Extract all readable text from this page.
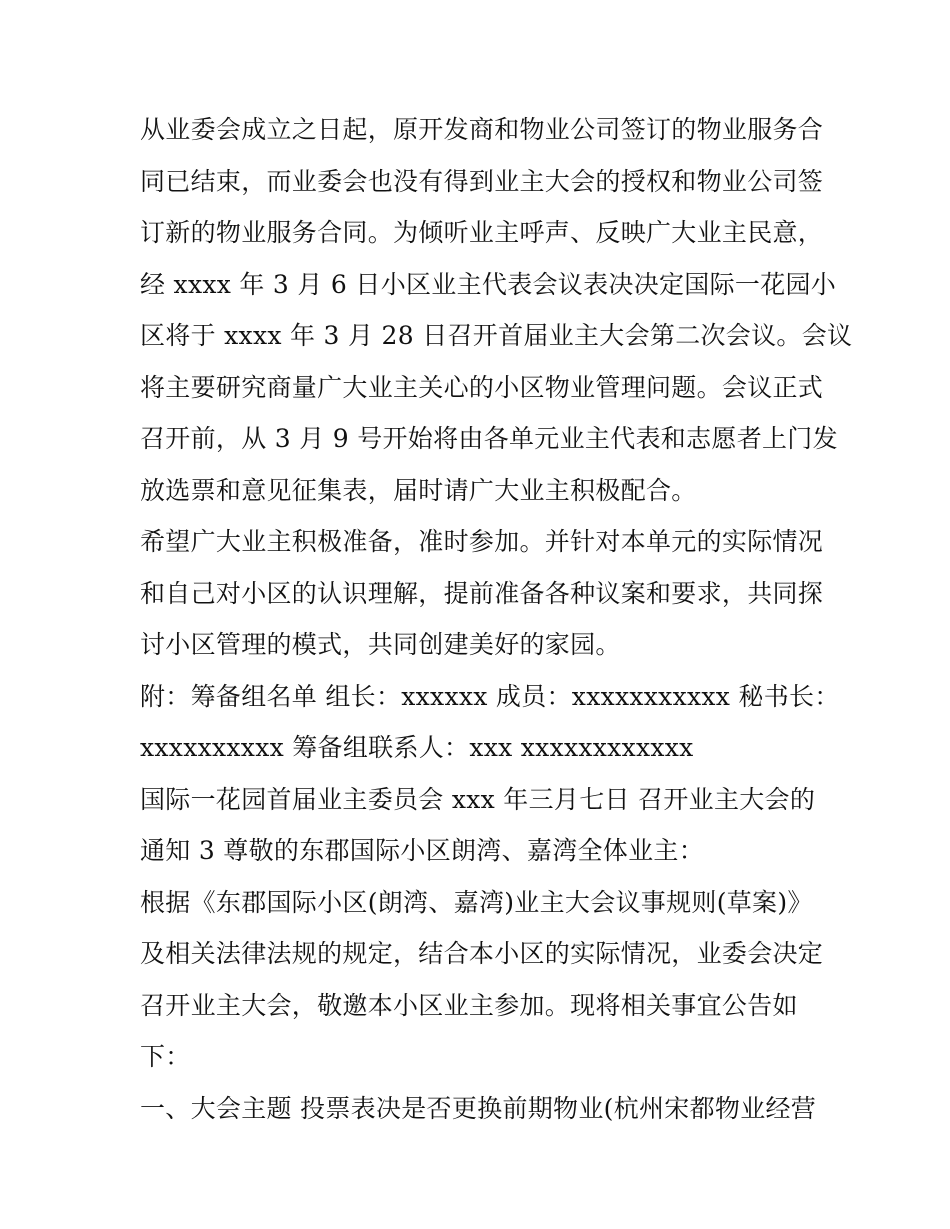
从业委会成立之日起，原开发商和物业公司签订的物业服务合
同已结束，而业委会也没有得到业主大会的授权和物业公司签
订新的物业服务合同。为倾听业主呼声、反映广大业主民意，
经 xxxx 年 3 月 6 日小区业主代表会议表决决定国际一花园小
区将于 xxxx 年 3 月 28 日召开首届业主大会第二次会议。会议
将主要研究商量广大业主关心的小区物业管理问题。会议正式
召开前，从 3 月 9 号开始将由各单元业主代表和志愿者上门发
放选票和意见征集表，届时请广大业主积极配合。
希望广大业主积极准备，准时参加。并针对本单元的实际情况
和自己对小区的认识理解，提前准备各种议案和要求，共同探
讨小区管理的模式，共同创建美好的家园。
附：筹备组名单 组长：xxxxxx 成员：xxxxxxxxxxx 秘书长：
xxxxxxxxxx 筹备组联系人：xxx xxxxxxxxxxxx
国际一花园首届业主委员会 xxx 年三月七日 召开业主大会的
通知 3 尊敬的东郡国际小区朗湾、嘉湾全体业主：
根据《东郡国际小区(朗湾、嘉湾)业主大会议事规则(草案)》
及相关法律法规的规定，结合本小区的实际情况，业委会决定
召开业主大会，敬邀本小区业主参加。现将相关事宜公告如
下：
一、大会主题 投票表决是否更换前期物业(杭州宋都物业经营
